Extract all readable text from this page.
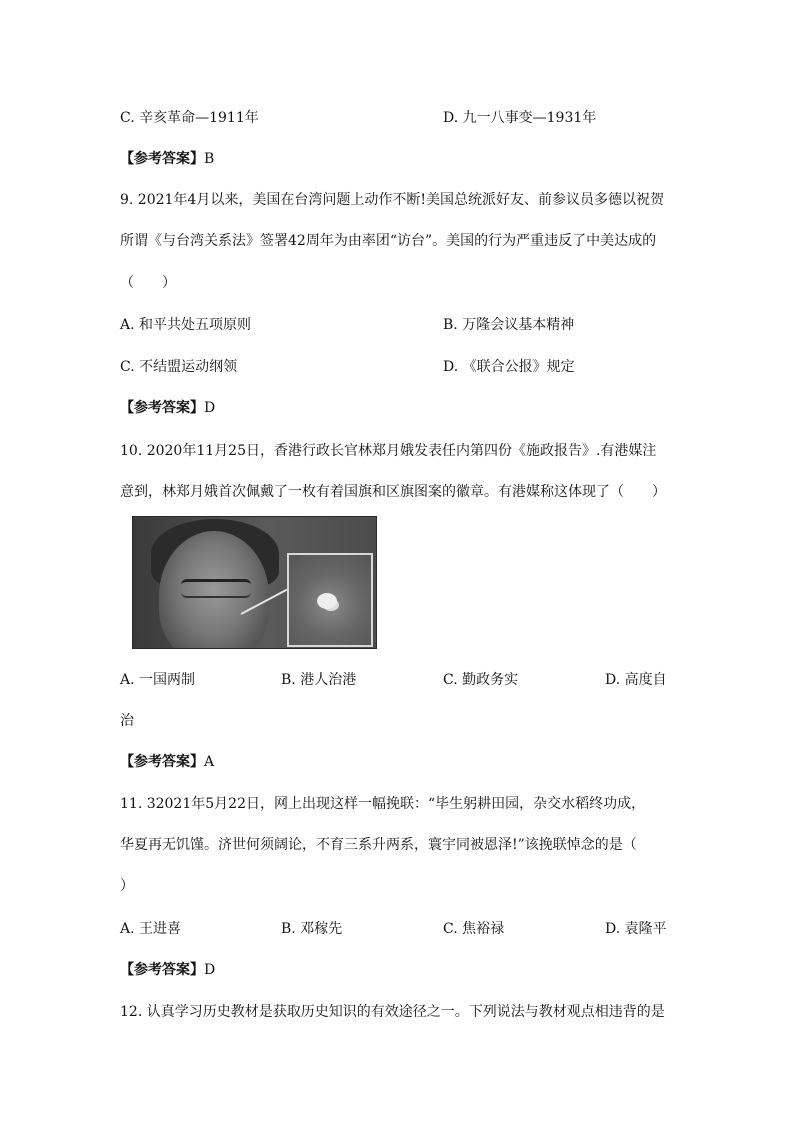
C. 辛亥革命—1911年	D. 九一八事变—1931年
【参考答案】B
9. 2021年4月以来，美国在台湾问题上动作不断!美国总统派好友、前参议员多德以祝贺
所谓《与台湾关系法》签署42周年为由率团“访台”。美国的行为严重违反了中美达成的
（　　）
A. 和平共处五项原则	B. 万隆会议基本精神
C. 不结盟运动纲领	D. 《联合公报》规定
【参考答案】D
10. 2020年11月25日，香港行政长官林郑月娥发表任内第四份《施政报告》.有港媒注
意到，林郑月娥首次佩戴了一枚有着国旗和区旗图案的徽章。有港媒称这体现了（　　）
A. 一国两制	B. 港人治港	C. 勤政务实	D. 高度自
治
【参考答案】A
11. 32021年5月22日，网上出现这样一幅挽联：“毕生躬耕田园，杂交水稻终功成，
华夏再无饥馑。济世何须阔论，不育三系升两系，寰宇同被恩泽!”该挽联悼念的是（
）
A. 王进喜	B. 邓稼先	C. 焦裕禄	D. 袁隆平
【参考答案】D
12. 认真学习历史教材是获取历史知识的有效途径之一。下列说法与教材观点相违背的是
